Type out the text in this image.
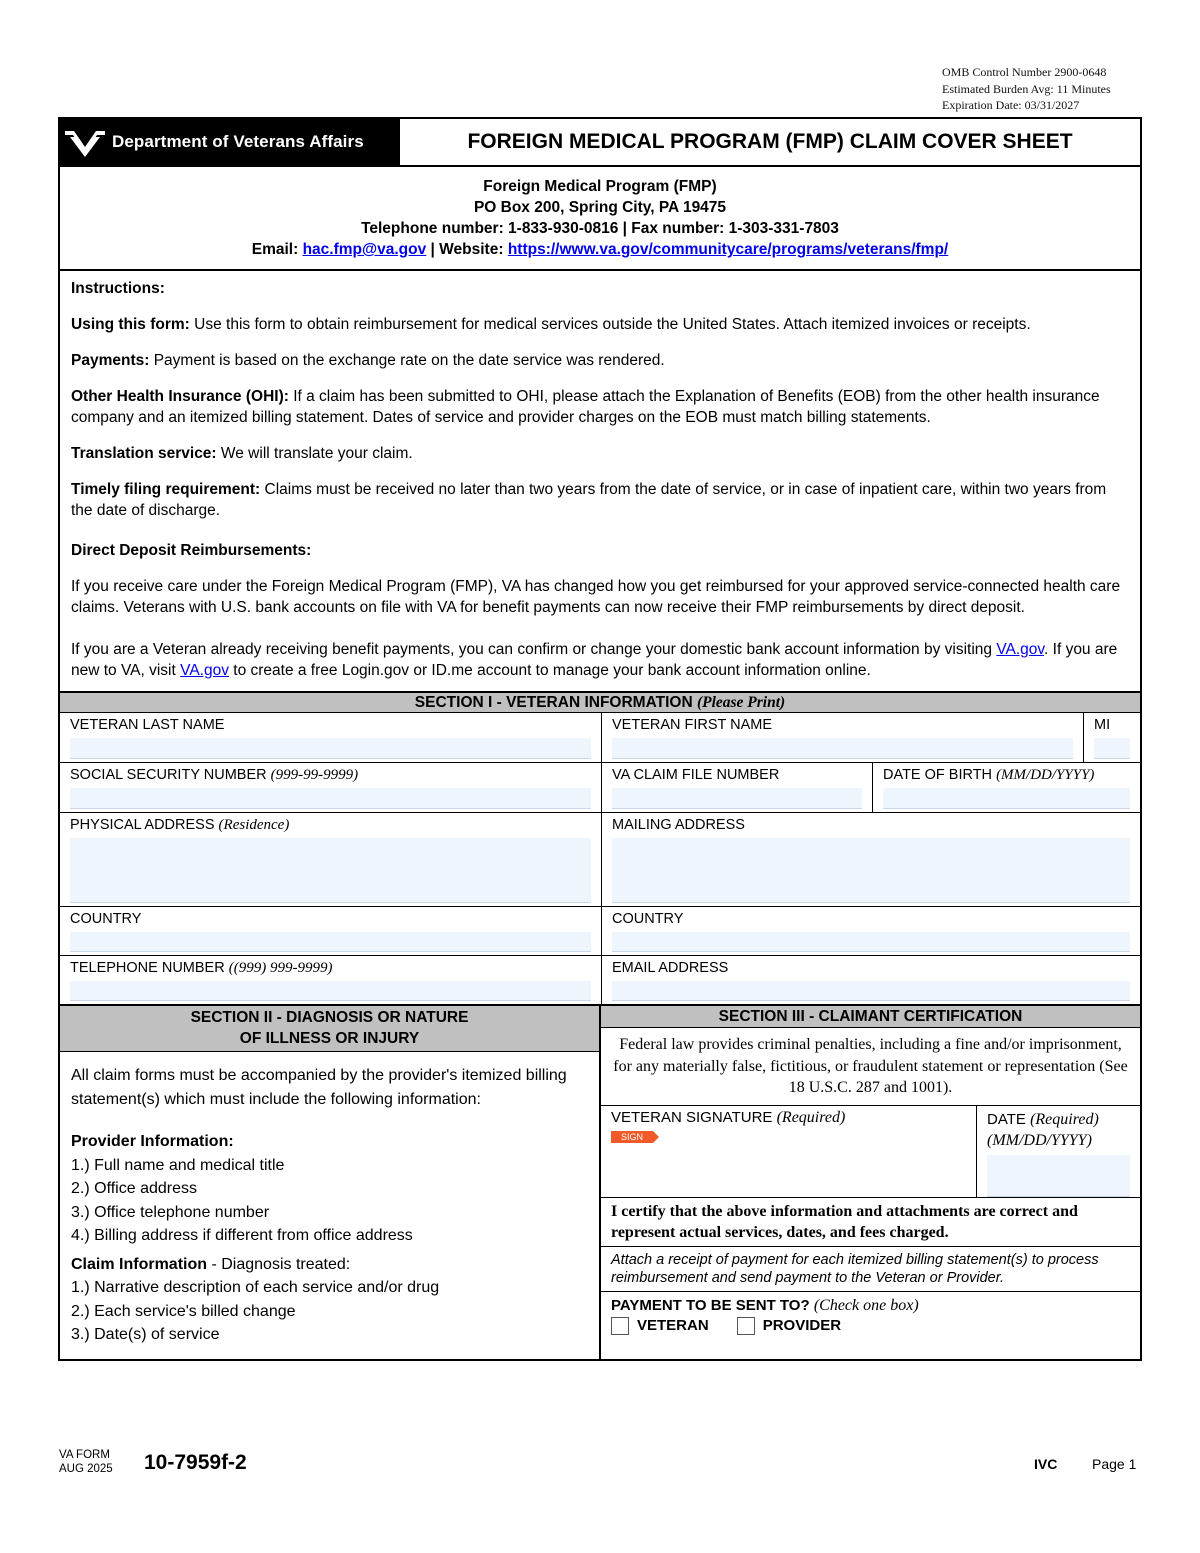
OMB Control Number 2900-0648
Estimated Burden Avg: 11 Minutes
Expiration Date: 03/31/2027
Department of Veterans Affairs	FOREIGN MEDICAL PROGRAM (FMP) CLAIM COVER SHEET
Foreign Medical Program (FMP)
PO Box 200, Spring City, PA 19475
Telephone number: 1-833-930-0816 | Fax number: 1-303-331-7803
Email: hac.fmp@va.gov | Website: https://www.va.gov/communitycare/programs/veterans/fmp/

Instructions:

Using this form: Use this form to obtain reimbursement for medical services outside the United States. Attach itemized invoices or receipts.

Payments: Payment is based on the exchange rate on the date service was rendered.

Other Health Insurance (OHI): If a claim has been submitted to OHI, please attach the Explanation of Benefits (EOB) from the other health insurance company and an itemized billing statement. Dates of service and provider charges on the EOB must match billing statements.

Translation service: We will translate your claim.

Timely filing requirement: Claims must be received no later than two years from the date of service, or in case of inpatient care, within two years from the date of discharge.

Direct Deposit Reimbursements:

If you receive care under the Foreign Medical Program (FMP), VA has changed how you get reimbursed for your approved service-connected health care claims. Veterans with U.S. bank accounts on file with VA for benefit payments can now receive their FMP reimbursements by direct deposit.

If you are a Veteran already receiving benefit payments, you can confirm or change your domestic bank account information by visiting VA.gov. If you are new to VA, visit VA.gov to create a free Login.gov or ID.me account to manage your bank account information online.

SECTION I - VETERAN INFORMATION (Please Print)
VETERAN LAST NAME	VETERAN FIRST NAME	MI
SOCIAL SECURITY NUMBER (999-99-9999)	VA CLAIM FILE NUMBER	DATE OF BIRTH (MM/DD/YYYY)
PHYSICAL ADDRESS (Residence)	MAILING ADDRESS
COUNTRY	COUNTRY
TELEPHONE NUMBER ((999) 999-9999)	EMAIL ADDRESS
SECTION II - DIAGNOSIS OR NATURE
OF ILLNESS OR INJURY

All claim forms must be accompanied by the provider's itemized billing statement(s) which must include the following information:

Provider Information:

1.) Full name and medical title

2.) Office address

3.) Office telephone number

4.) Billing address if different from office address

Claim Information - Diagnosis treated:

1.) Narrative description of each service and/or drug

2.) Each service's billed change

3.) Date(s) of service

SECTION III - CLAIMANT CERTIFICATION
Federal law provides criminal penalties, including a fine and/or imprisonment, for any materially false, fictitious, or fraudulent statement or representation (See 18 U.S.C. 287 and 1001).
VETERAN SIGNATURE (Required)
SIGN
DATE (Required)
(MM/DD/YYYY)
I certify that the above information and attachments are correct and represent actual services, dates, and fees charged.
Attach a receipt of payment for each itemized billing statement(s) to process reimbursement and send payment to the Veteran or Provider.
PAYMENT TO BE SENT TO? (Check one box)
VETERAN	PROVIDER
VA FORM
AUG 2025 10-7959f-2	IVC Page 1
